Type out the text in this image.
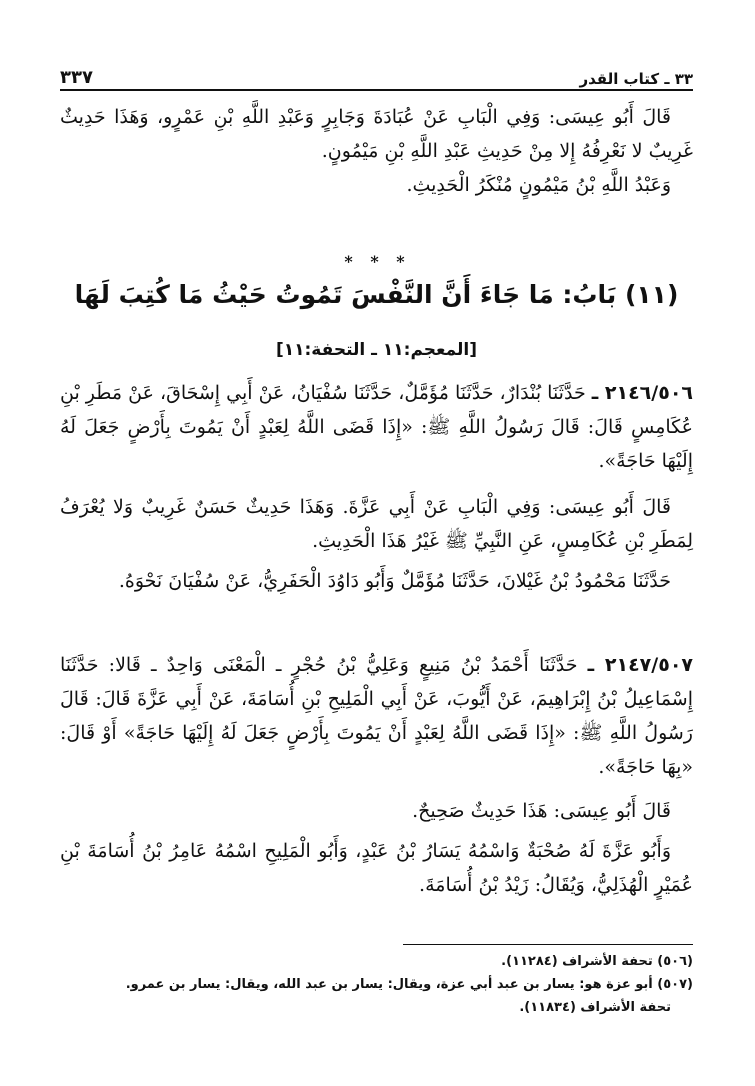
٣٣ ـ كتاب القدر
٣٣٧

قَالَ أَبُو عِيسَى: وَفِي الْبَابِ عَنْ عُبَادَةَ وَجَابِرٍ وَعَبْدِ اللَّهِ بْنِ عَمْرٍو، وَهَذَا حَدِيثٌ غَرِيبٌ لا نَعْرِفُهُ إِلا مِنْ حَدِيثِ عَبْدِ اللَّهِ بْنِ مَيْمُونٍ.

وَعَبْدُ اللَّهِ بْنُ مَيْمُونٍ مُنْكَرُ الْحَدِيثِ.

* * *
(١١) بَابُ: مَا جَاءَ أَنَّ النَّفْسَ تَمُوتُ حَيْثُ مَا كُتِبَ لَهَا
[المعجم:١١ ـ التحفة:١١]

٢١٤٦/٥٠٦ ـ حَدَّثَنَا بُنْدَارٌ، حَدَّثَنَا مُؤَمَّلٌ، حَدَّثَنَا سُفْيَانُ، عَنْ أَبِي إِسْحَاقَ، عَنْ مَطَرِ بْنِ عُكَامِسٍ قَالَ: قَالَ رَسُولُ اللَّهِ ﷺ: «إِذَا قَضَى اللَّهُ لِعَبْدٍ أَنْ يَمُوتَ بِأَرْضٍ جَعَلَ لَهُ إِلَيْهَا حَاجَةً».

قَالَ أَبُو عِيسَى: وَفِي الْبَابِ عَنْ أَبِي عَزَّةَ. وَهَذَا حَدِيثٌ حَسَنٌ غَرِيبٌ وَلا يُعْرَفُ لِمَطَرِ بْنِ عُكَامِسٍ، عَنِ النَّبِيِّ ﷺ غَيْرُ هَذَا الْحَدِيثِ.

حَدَّثَنَا مَحْمُودُ بْنُ غَيْلانَ، حَدَّثَنَا مُؤَمَّلٌ وَأَبُو دَاوُدَ الْحَفَرِيُّ، عَنْ سُفْيَانَ نَحْوَهُ.

٢١٤٧/٥٠٧ ـ حَدَّثَنَا أَحْمَدُ بْنُ مَنِيعٍ وَعَلِيُّ بْنُ حُجْرٍ ـ الْمَعْنَى وَاحِدٌ ـ قَالا: حَدَّثَنَا إِسْمَاعِيلُ بْنُ إِبْرَاهِيمَ، عَنْ أَيُّوبَ، عَنْ أَبِي الْمَلِيحِ بْنِ أُسَامَةَ، عَنْ أَبِي عَزَّةَ قَالَ: قَالَ رَسُولُ اللَّهِ ﷺ: «إِذَا قَضَى اللَّهُ لِعَبْدٍ أَنْ يَمُوتَ بِأَرْضٍ جَعَلَ لَهُ إِلَيْهَا حَاجَةً» أَوْ قَالَ: «بِهَا حَاجَةً».

قَالَ أَبُو عِيسَى: هَذَا حَدِيثٌ صَحِيحٌ.

وَأَبُو عَزَّةَ لَهُ صُحْبَةٌ وَاسْمُهُ يَسَارُ بْنُ عَبْدٍ، وَأَبُو الْمَلِيحِ اسْمُهُ عَامِرُ بْنُ أُسَامَةَ بْنِ عُمَيْرٍ الْهُذَلِيُّ، وَيُقَالُ: زَيْدُ بْنُ أُسَامَةَ.

(٥٠٦) تحفة الأشراف (١١٢٨٤).

(٥٠٧) أبو عزة هو: يسار بن عبد أبي عزة، ويقال: يسار بن عبد الله، ويقال: يسار بن عمرو.

تحفة الأشراف (١١٨٣٤).
